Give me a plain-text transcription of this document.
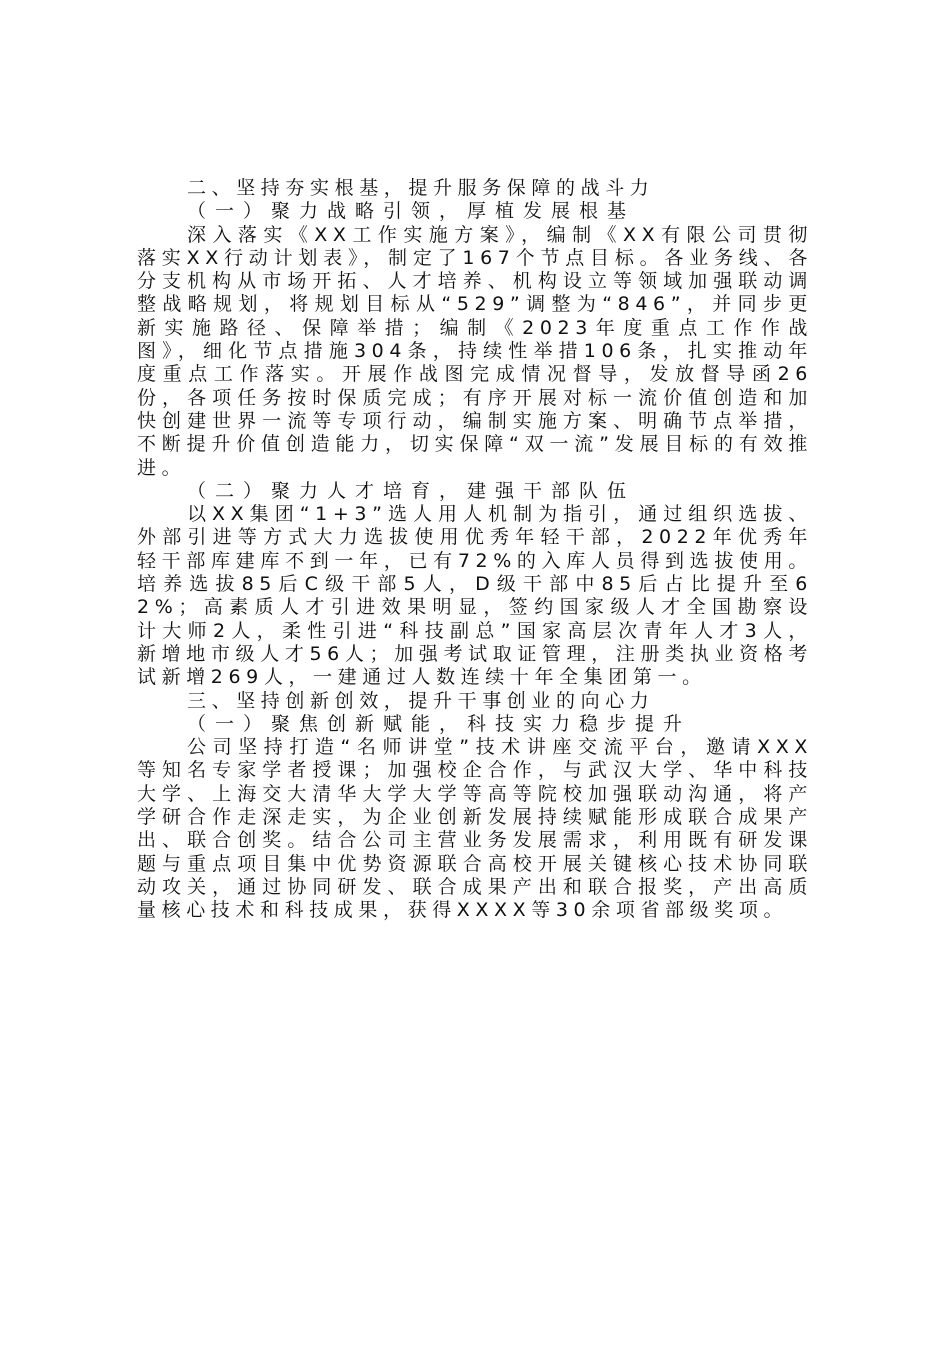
二、坚持夯实根基，提升服务保障的战斗力

（一）聚力战略引领，厚植发展根基

深入落实《XX工作实施方案》，编制《XX有限公司贯彻落实XX行动计划表》，制定了167个节点目标。各业务线、各分支机构从市场开拓、人才培养、机构设立等领域加强联动调整战略规划，将规划目标从“529”调整为“846”，并同步更新实施路径、保障举措；编制《2023年度重点工作作战图》，细化节点措施304条，持续性举措106条，扎实推动年度重点工作落实。开展作战图完成情况督导，发放督导函26份，各项任务按时保质完成；有序开展对标一流价值创造和加快创建世界一流等专项行动，编制实施方案、明确节点举措，不断提升价值创造能力，切实保障“双一流”发展目标的有效推进。

（二）聚力人才培育，建强干部队伍

以XX集团“1+3”选人用人机制为指引，通过组织选拔、外部引进等方式大力选拔使用优秀年轻干部，2022年优秀年轻干部库建库不到一年，已有72%的入库人员得到选拔使用。培养选拔85后C级干部5人，D级干部中85后占比提升至62%；高素质人才引进效果明显，签约国家级人才全国勘察设计大师2人，柔性引进“科技副总”国家高层次青年人才3人，新增地市级人才56人；加强考试取证管理，注册类执业资格考试新增269人，一建通过人数连续十年全集团第一。

三、坚持创新创效，提升干事创业的向心力

（一）聚焦创新赋能，科技实力稳步提升

公司坚持打造“名师讲堂”技术讲座交流平台，邀请XXX等知名专家学者授课；加强校企合作，与武汉大学、华中科技大学、上海交大清华大学大学等高等院校加强联动沟通，将产学研合作走深走实，为企业创新发展持续赋能形成联合成果产出、联合创奖。结合公司主营业务发展需求，利用既有研发课题与重点项目集中优势资源联合高校开展关键核心技术协同联动攻关，通过协同研发、联合成果产出和联合报奖，产出高质量核心技术和科技成果，获得XXXX等30余项省部级奖项。
